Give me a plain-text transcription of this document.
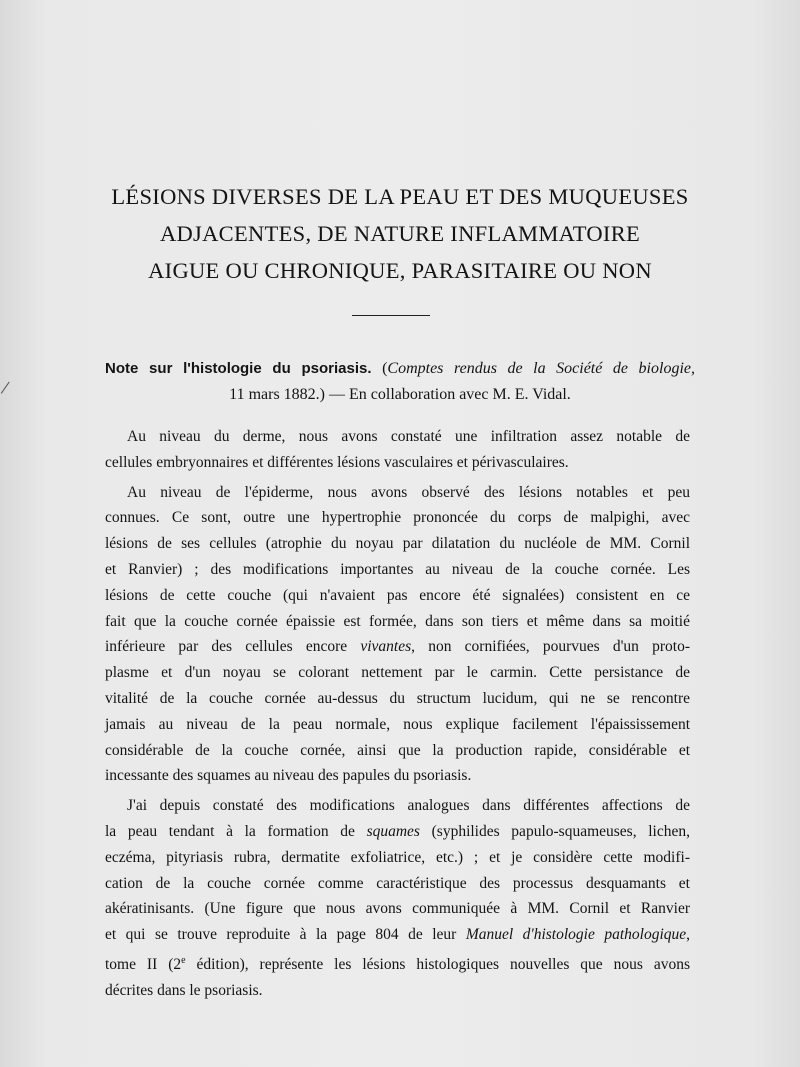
LÉSIONS DIVERSES DE LA PEAU ET DES MUQUEUSES
ADJACENTES, DE NATURE INFLAMMATOIRE
AIGUE OU CHRONIQUE, PARASITAIRE OU NON
Note sur l'histologie du psoriasis. (Comptes rendus de la Société de biologie,
11 mars 1882.) — En collaboration avec M. E. Vidal.
Au niveau du derme, nous avons constaté une infiltration assez notable de
cellules embryonnaires et différentes lésions vasculaires et périvasculaires.
Au niveau de l'épiderme, nous avons observé des lésions notables et peu
connues. Ce sont, outre une hypertrophie prononcée du corps de malpighi, avec
lésions de ses cellules (atrophie du noyau par dilatation du nucléole de MM. Cornil
et Ranvier) ; des modifications importantes au niveau de la couche cornée. Les
lésions de cette couche (qui n'avaient pas encore été signalées) consistent en ce
fait que la couche cornée épaissie est formée, dans son tiers et même dans sa moitié
inférieure par des cellules encore vivantes, non cornifiées, pourvues d'un proto-
plasme et d'un noyau se colorant nettement par le carmin. Cette persistance de
vitalité de la couche cornée au-dessus du structum lucidum, qui ne se rencontre
jamais au niveau de la peau normale, nous explique facilement l'épaississement
considérable de la couche cornée, ainsi que la production rapide, considérable et
incessante des squames au niveau des papules du psoriasis.
J'ai depuis constaté des modifications analogues dans différentes affections de
la peau tendant à la formation de squames (syphilides papulo-squameuses, lichen,
eczéma, pityriasis rubra, dermatite exfoliatrice, etc.) ; et je considère cette modifi-
cation de la couche cornée comme caractéristique des processus desquamants et
akératinisants. (Une figure que nous avons communiquée à MM. Cornil et Ranvier
et qui se trouve reproduite à la page 804 de leur Manuel d'histologie pathologique,
tome II (2e édition), représente les lésions histologiques nouvelles que nous avons
décrites dans le psoriasis.
